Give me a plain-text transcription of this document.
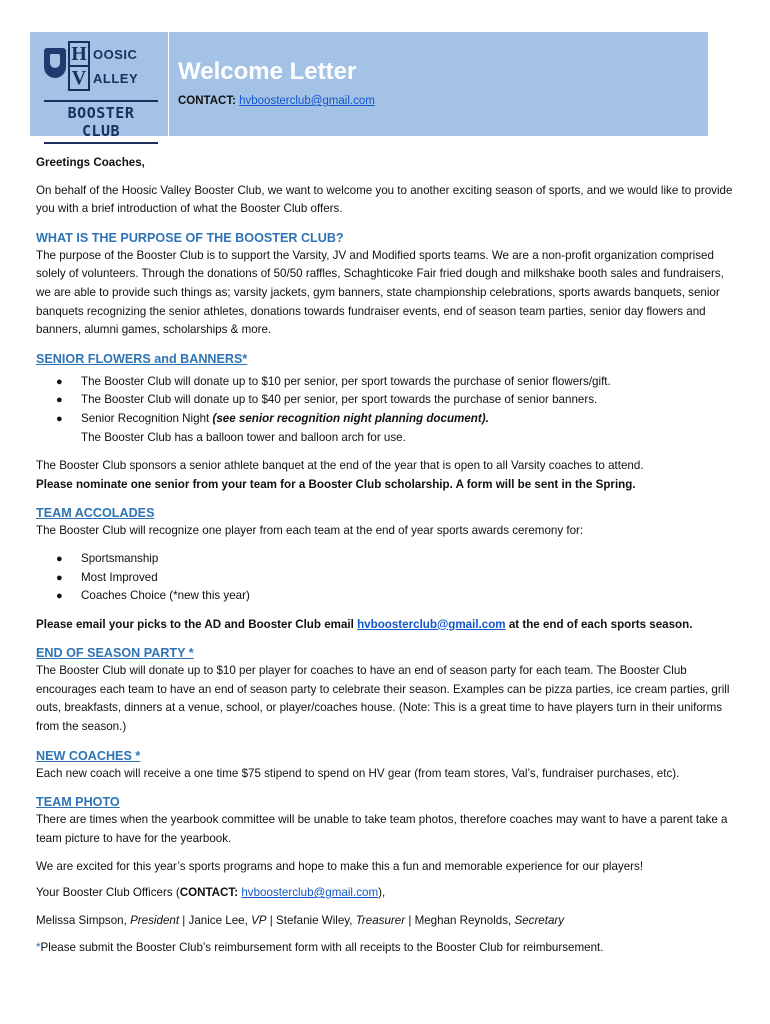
H OOSIC
V ALLEY
BOOSTER CLUB
Welcome Letter
CONTACT: hvboosterclub@gmail.com

Greetings Coaches,

On behalf of the Hoosic Valley Booster Club, we want to welcome you to another exciting season of sports, and we would like to provide you with a brief introduction of what the Booster Club offers.

WHAT IS THE PURPOSE OF THE BOOSTER CLUB?

The purpose of the Booster Club is to support the Varsity, JV and Modified sports teams. We are a non-profit organization comprised solely of volunteers. Through the donations of 50/50 raffles, Schaghticoke Fair fried dough and milkshake booth sales and fundraisers, we are able to provide such things as; varsity jackets, gym banners, state championship celebrations, sports awards banquets, senior banquets recognizing the senior athletes, donations towards fundraiser events, end of season team parties, senior day flowers and banners, alumni games, scholarships & more.

SENIOR FLOWERS and BANNERS*
● The Booster Club will donate up to $10 per senior, per sport towards the purchase of senior flowers/gift.
● The Booster Club will donate up to $40 per senior, per sport towards the purchase of senior banners.
● Senior Recognition Night (see senior recognition night planning document).

The Booster Club has a balloon tower and balloon arch for use.

The Booster Club sponsors a senior athlete banquet at the end of the year that is open to all Varsity coaches to attend.

Please nominate one senior from your team for a Booster Club scholarship. A form will be sent in the Spring.

TEAM ACCOLADES

The Booster Club will recognize one player from each team at the end of year sports awards ceremony for:

● Sportsmanship
● Most Improved
● Coaches Choice (*new this year)

Please email your picks to the AD and Booster Club email hvboosterclub@gmail.com at the end of each sports season.

END OF SEASON PARTY *

The Booster Club will donate up to $10 per player for coaches to have an end of season party for each team. The Booster Club encourages each team to have an end of season party to celebrate their season. Examples can be pizza parties, ice cream parties, grill outs, breakfasts, dinners at a venue, school, or player/coaches house. (Note: This is a great time to have players turn in their uniforms from the season.)

NEW COACHES *

Each new coach will receive a one time $75 stipend to spend on HV gear (from team stores, Val’s, fundraiser purchases, etc).

TEAM PHOTO

There are times when the yearbook committee will be unable to take team photos, therefore coaches may want to have a parent take a team picture to have for the yearbook.

We are excited for this year’s sports programs and hope to make this a fun and memorable experience for our players!

Your Booster Club Officers (CONTACT: hvboosterclub@gmail.com),

Melissa Simpson, President | Janice Lee, VP | Stefanie Wiley, Treasurer | Meghan Reynolds, Secretary

*Please submit the Booster Club’s reimbursement form with all receipts to the Booster Club for reimbursement.
